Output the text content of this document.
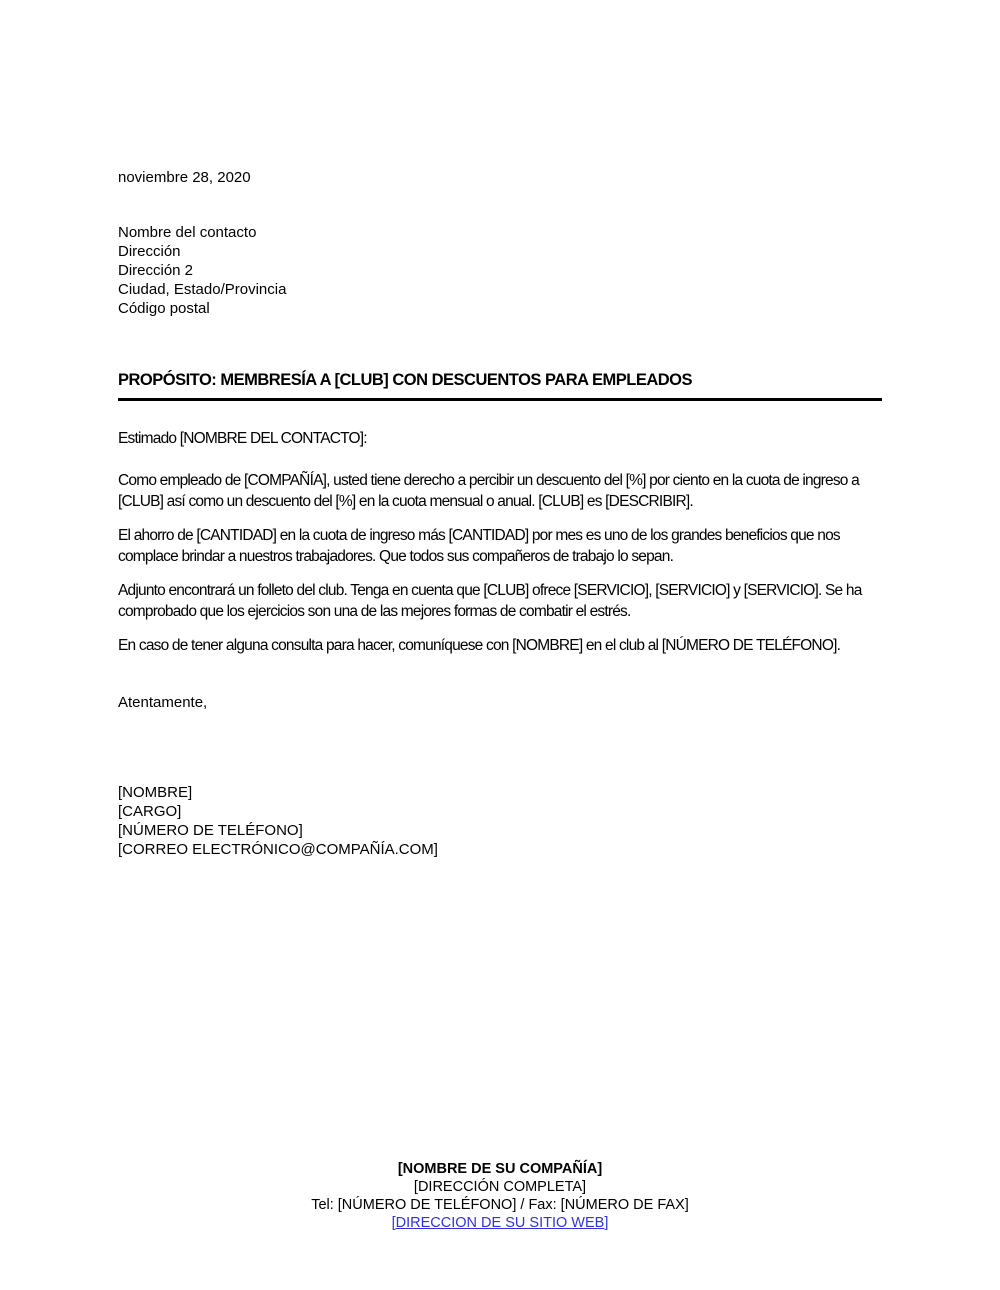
noviembre 28, 2020

Nombre del contacto

Dirección

Dirección 2

Ciudad, Estado/Provincia

Código postal

PROPÓSITO: MEMBRESÍA A [CLUB] CON DESCUENTOS PARA EMPLEADOS

Estimado [NOMBRE DEL CONTACTO]:

Como empleado de [COMPAÑÍA], usted tiene derecho a percibir un descuento del [%] por ciento en la cuota de ingreso a [CLUB] así como un descuento del [%] en la cuota mensual o anual. [CLUB] es [DESCRIBIR].

El ahorro de [CANTIDAD] en la cuota de ingreso más [CANTIDAD] por mes es uno de los grandes beneficios que nos complace brindar a nuestros trabajadores. Que todos sus compañeros de trabajo lo sepan.

Adjunto encontrará un folleto del club. Tenga en cuenta que [CLUB] ofrece [SERVICIO], [SERVICIO] y [SERVICIO]. Se ha comprobado que los ejercicios son una de las mejores formas de combatir el estrés.

En caso de tener alguna consulta para hacer, comuníquese con [NOMBRE] en el club al [NÚMERO DE TELÉFONO].

Atentamente,

[NOMBRE]

[CARGO]

[NÚMERO DE TELÉFONO]

[CORREO ELECTRÓNICO@COMPAÑÍA.COM]

[NOMBRE DE SU COMPAÑÍA]

[DIRECCIÓN COMPLETA]

Tel: [NÚMERO DE TELÉFONO] / Fax: [NÚMERO DE FAX]

[DIRECCION DE SU SITIO WEB]
